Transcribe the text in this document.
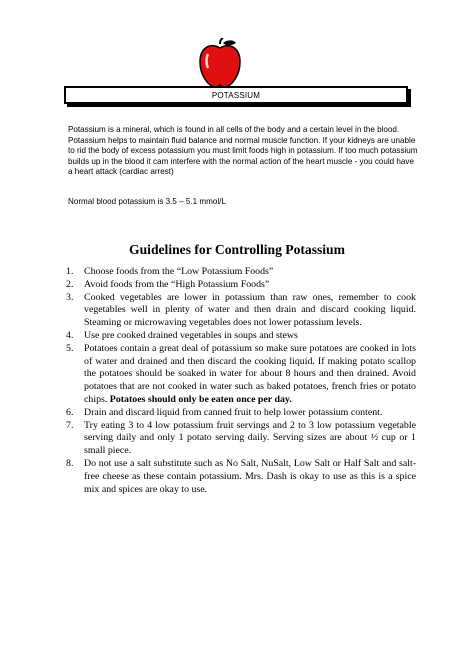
POTASSIUM
Potassium is a mineral, which is found in all cells of the body and a certain level in the blood. Potassium helps to maintain fluid balance and normal muscle function. If your kidneys are unable to rid the body of excess potassium you must limit foods high in potassium. If too much potassium builds up in the blood it cam interfere with the normal action of the heart muscle - you could have a heart attack (cardiac arrest)
Normal blood potassium is 3.5 – 5.1 mmol/L
Guidelines for Controlling Potassium
1.	Choose foods from the “Low Potassium Foods”
2.	Avoid foods from the “High Potassium Foods”
3.	Cooked vegetables are lower in potassium than raw ones, remember to cook vegetables well in plenty of water and then drain and discard cooking liquid. Steaming or microwaving vegetables does not lower potassium levels.
4.	Use pre cooked drained vegetables in soups and stews
5.	Potatoes contain a great deal of potassium so make sure potatoes are cooked in lots of water and drained and then discard the cooking liquid. If making potato scallop the potatoes should be soaked in water for about 8 hours and then drained. Avoid potatoes that are not cooked in water such as baked potatoes, french fries or potato chips. Potatoes should only be eaten once per day.
6.	Drain and discard liquid from canned fruit to help lower potassium content.
7.	Try eating 3 to 4 low potassium fruit servings and 2 to 3 low potassium vegetable serving daily and only 1 potato serving daily. Serving sizes are about ½ cup or 1 small piece.
8.	Do not use a salt substitute such as No Salt, NuSalt, Low Salt or Half Salt and salt-free cheese as these contain potassium. Mrs. Dash is okay to use as this is a spice mix and spices are okay to use.
